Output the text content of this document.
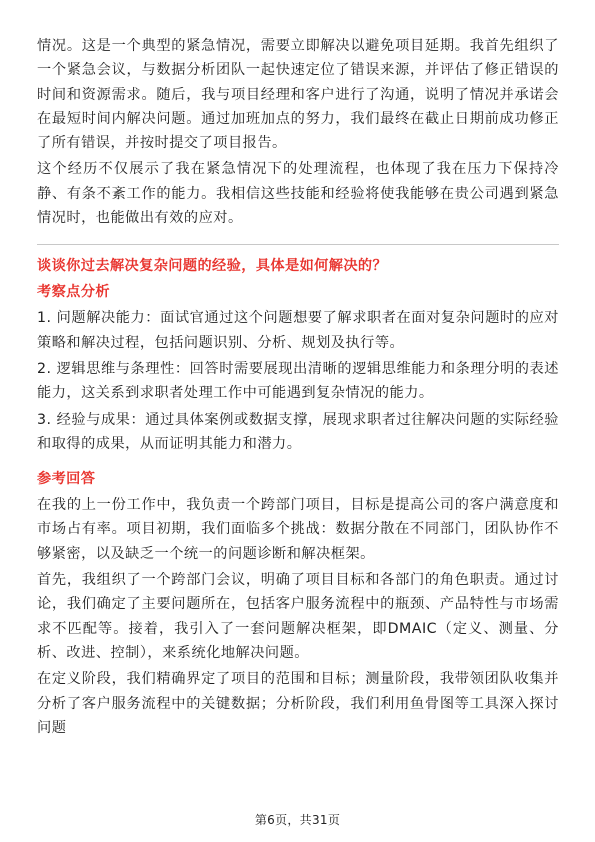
情况。这是一个典型的紧急情况，需要立即解决以避免项目延期。我首先组织了一个紧急会议，与数据分析团队一起快速定位了错误来源，并评估了修正错误的时间和资源需求。随后，我与项目经理和客户进行了沟通，说明了情况并承诺会在最短时间内解决问题。通过加班加点的努力，我们最终在截止日期前成功修正了所有错误，并按时提交了项目报告。

这个经历不仅展示了我在紧急情况下的处理流程，也体现了我在压力下保持冷静、有条不紊工作的能力。我相信这些技能和经验将使我能够在贵公司遇到紧急情况时，也能做出有效的应对。

谈谈你过去解决复杂问题的经验，具体是如何解决的？
考察点分析

1. 问题解决能力：面试官通过这个问题想要了解求职者在面对复杂问题时的应对策略和解决过程，包括问题识别、分析、规划及执行等。

2. 逻辑思维与条理性：回答时需要展现出清晰的逻辑思维能力和条理分明的表述能力，这关系到求职者处理工作中可能遇到复杂情况的能力。

3. 经验与成果：通过具体案例或数据支撑，展现求职者过往解决问题的实际经验和取得的成果，从而证明其能力和潜力。

参考回答

在我的上一份工作中，我负责一个跨部门项目，目标是提高公司的客户满意度和市场占有率。项目初期，我们面临多个挑战：数据分散在不同部门，团队协作不够紧密，以及缺乏一个统一的问题诊断和解决框架。

首先，我组织了一个跨部门会议，明确了项目目标和各部门的角色职责。通过讨论，我们确定了主要问题所在，包括客户服务流程中的瓶颈、产品特性与市场需求不匹配等。接着，我引入了一套问题解决框架，即DMAIC（定义、测量、分析、改进、控制），来系统化地解决问题。

在定义阶段，我们精确界定了项目的范围和目标；测量阶段，我带领团队收集并分析了客户服务流程中的关键数据；分析阶段，我们利用鱼骨图等工具深入探讨问题

第6页，共31页
